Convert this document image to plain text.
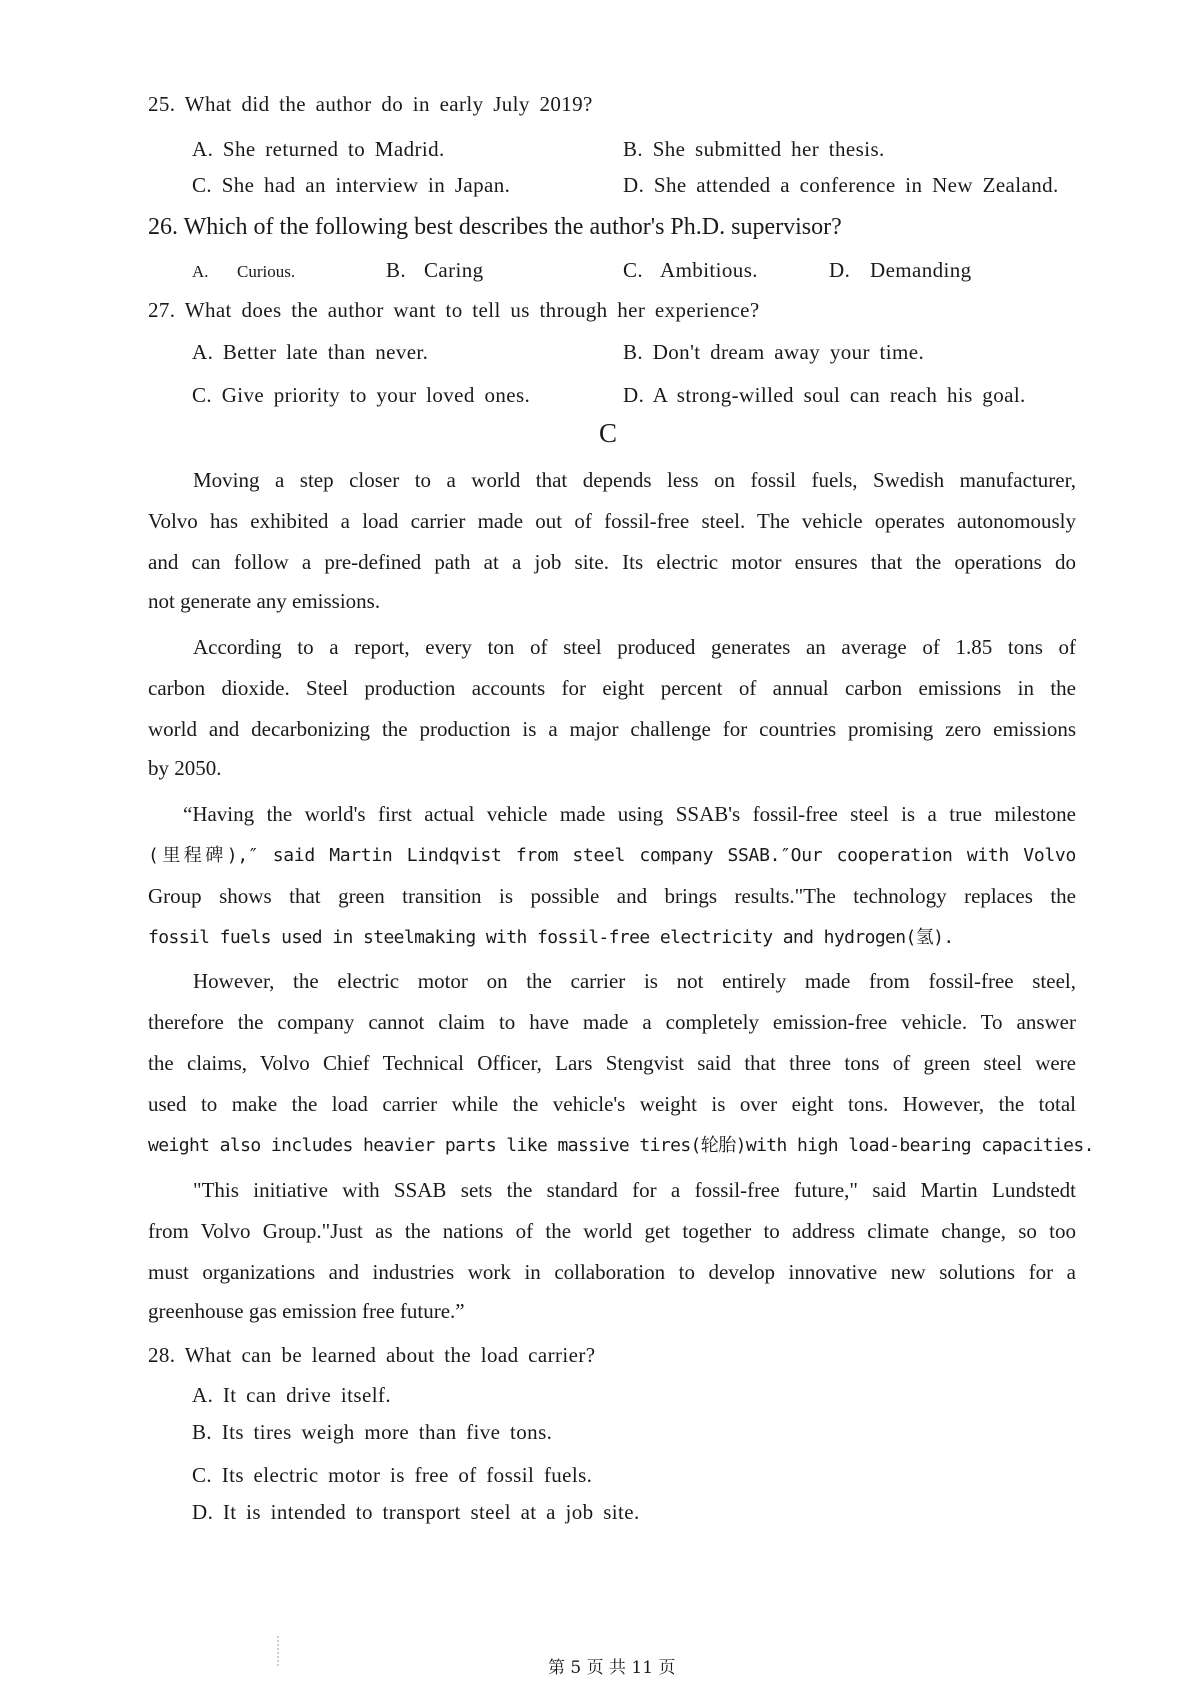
25. What did the author do in early July 2019?
A. She returned to Madrid.	B. She submitted her thesis.
C. She had an interview in Japan.	D. She attended a conference in New Zealand.
26. Which of the following best describes the author's Ph.D. supervisor?
A. Curious.	B. Caring	C. Ambitious.	D. Demanding
27. What does the author want to tell us through her experience?
A. Better late than never.	B. Don't dream away your time.
C. Give priority to your loved ones.	D. A strong-willed soul can reach his goal.
C
Moving a step closer to a world that depends less on fossil fuels, Swedish manufacturer,
Volvo has exhibited a load carrier made out of fossil-free steel. The vehicle operates autonomously
and can follow a pre-defined path at a job site. Its electric motor ensures that the operations do
not generate any emissions.
According to a report, every ton of steel produced generates an average of 1.85 tons of
carbon dioxide. Steel production accounts for eight percent of annual carbon emissions in the
world and decarbonizing the production is a major challenge for countries promising zero emissions
by 2050.
“Having the world's first actual vehicle made using SSAB's fossil-free steel is a true milestone
(里程碑),″ said Martin Lindqvist from steel company SSAB.″Our cooperation with Volvo
Group shows that green transition is possible and brings results."The technology replaces the
fossil fuels used in steelmaking with fossil-free electricity and hydrogen(氢).
However, the electric motor on the carrier is not entirely made from fossil-free steel,
therefore the company cannot claim to have made a completely emission-free vehicle. To answer
the claims, Volvo Chief Technical Officer, Lars Stengvist said that three tons of green steel were
used to make the load carrier while the vehicle's weight is over eight tons. However, the total
weight also includes heavier parts like massive tires(轮胎)with high load-bearing capacities.
"This initiative with SSAB sets the standard for a fossil-free future," said Martin Lundstedt
from Volvo Group."Just as the nations of the world get together to address climate change, so too
must organizations and industries work in collaboration to develop innovative new solutions for a
greenhouse gas emission free future.”
28. What can be learned about the load carrier?
A. It can drive itself.
B. Its tires weigh more than five tons.
C. Its electric motor is free of fossil fuels.
D. It is intended to transport steel at a job site.
第 5 页 共 11 页
